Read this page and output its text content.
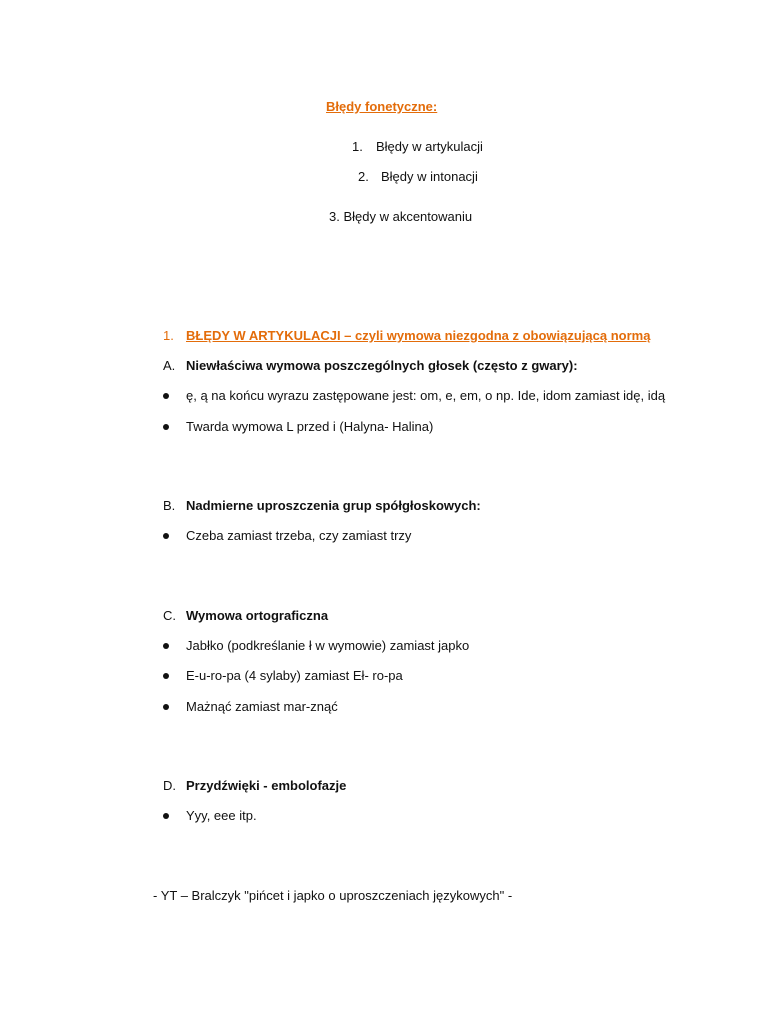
Błędy fonetyczne:
1. Błędy w artykulacji
2. Błędy w intonacji
3. Błędy w akcentowaniu
1. BŁĘDY W ARTYKULACJI – czyli wymowa niezgodna z obowiązującą normą
A. Niewłaściwa wymowa poszczególnych głosek (często z gwary):
ę, ą na końcu wyrazu zastępowane jest: om, e, em, o np. Ide, idom zamiast idę, idą
Twarda wymowa L przed i (Halyna- Halina)
B. Nadmierne uproszczenia grup spółgłoskowych:
Czeba zamiast trzeba, czy zamiast trzy
C. Wymowa ortograficzna
Jabłko (podkreślanie ł w wymowie) zamiast japko
E-u-ro-pa (4 sylaby) zamiast Eł- ro-pa
Mażnąć zamiast mar-znąć
D. Przydźwięki - embolofazje
Yyy, eee itp.
- YT – Bralczyk "pińcet i japko o uproszczeniach językowych" -
